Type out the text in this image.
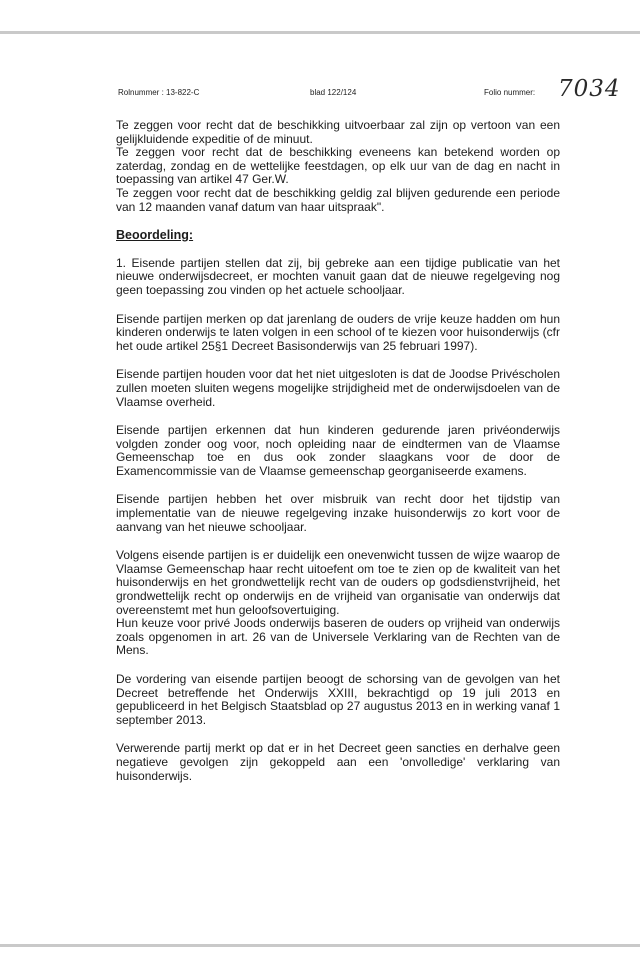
Rolnummer : 13-822-C	blad 122/124	Folio nummer: 7034

Te zeggen voor recht dat de beschikking uitvoerbaar zal zijn op vertoon van een gelijkluidende expeditie of de minuut.

Te zeggen voor recht dat de beschikking eveneens kan betekend worden op zaterdag, zondag en de wettelijke feestdagen, op elk uur van de dag en nacht in toepassing van artikel 47 Ger.W.

Te zeggen voor recht dat de beschikking geldig zal blijven gedurende een periode van 12 maanden vanaf datum van haar uitspraak".

Beoordeling:

1. Eisende partijen stellen dat zij, bij gebreke aan een tijdige publicatie van het nieuwe onderwijsdecreet, er mochten vanuit gaan dat de nieuwe regelgeving nog geen toepassing zou vinden op het actuele schooljaar.

Eisende partijen merken op dat jarenlang de ouders de vrije keuze hadden om hun kinderen onderwijs te laten volgen in een school of te kiezen voor huisonderwijs (cfr het oude artikel 25§1 Decreet Basisonderwijs van 25 februari 1997).

Eisende partijen houden voor dat het niet uitgesloten is dat de Joodse Privéscholen zullen moeten sluiten wegens mogelijke strijdigheid met de onderwijsdoelen van de Vlaamse overheid.

Eisende partijen erkennen dat hun kinderen gedurende jaren privéonderwijs volgden zonder oog voor, noch opleiding naar de eindtermen van de Vlaamse Gemeenschap toe en dus ook zonder slaagkans voor de door de Examencommissie van de Vlaamse gemeenschap georganiseerde examens.

Eisende partijen hebben het over misbruik van recht door het tijdstip van implementatie van de nieuwe regelgeving inzake huisonderwijs zo kort voor de aanvang van het nieuwe schooljaar.

Volgens eisende partijen is er duidelijk een onevenwicht tussen de wijze waarop de Vlaamse Gemeenschap haar recht uitoefent om toe te zien op de kwaliteit van het huisonderwijs en het grondwettelijk recht van de ouders op godsdienstvrijheid, het grondwettelijk recht op onderwijs en de vrijheid van organisatie van onderwijs dat overeenstemt met hun geloofsovertuiging.

Hun keuze voor privé Joods onderwijs baseren de ouders op vrijheid van onderwijs zoals opgenomen in art. 26 van de Universele Verklaring van de Rechten van de Mens.

De vordering van eisende partijen beoogt de schorsing van de gevolgen van het Decreet betreffende het Onderwijs XXIII, bekrachtigd op 19 juli 2013 en gepubliceerd in het Belgisch Staatsblad op 27 augustus 2013 en in werking vanaf 1 september 2013.

Verwerende partij merkt op dat er in het Decreet geen sancties en derhalve geen negatieve gevolgen zijn gekoppeld aan een 'onvolledige' verklaring van huisonderwijs.
